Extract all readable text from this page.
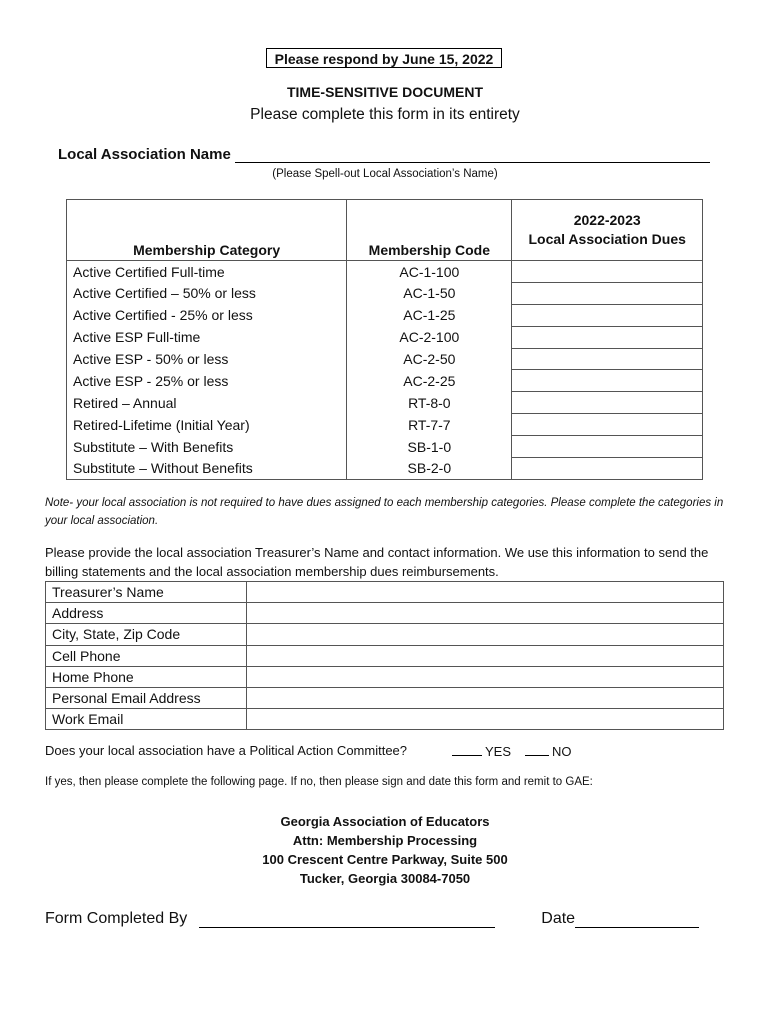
Please respond by June 15, 2022
TIME-SENSITIVE DOCUMENT
Please complete this form in its entirety
Local Association Name
(Please Spell-out Local Association’s Name)
Membership Category	Membership Code	2022-2023
Local Association Dues

Active Certified Full-time	AC-1-100	
Active Certified – 50% or less	AC-1-50	
Active Certified - 25% or less	AC-1-25	
Active ESP Full-time	AC-2-100	
Active ESP - 50% or less	AC-2-50	
Active ESP - 25% or less	AC-2-25	
Retired – Annual	RT-8-0	
Retired-Lifetime (Initial Year)	RT-7-7	
Substitute – With Benefits	SB-1-0	
Substitute – Without Benefits	SB-2-0	
Note- your local association is not required to have dues assigned to each membership categories. Please complete the categories in your local association.
Please provide the local association Treasurer’s Name and contact information. We use this information to send the billing statements and the local association membership dues reimbursements.
Treasurer’s Name	
Address	
City, State, Zip Code	
Cell Phone	
Home Phone	
Personal Email Address	
Work Email	
Does your local association have a Political Action Committee?	YES	NO
If yes, then please complete the following page. If no, then please sign and date this form and remit to GAE:
Georgia Association of Educators
Attn: Membership Processing
100 Crescent Centre Parkway, Suite 500
Tucker, Georgia 30084-7050
Form Completed By	Date
